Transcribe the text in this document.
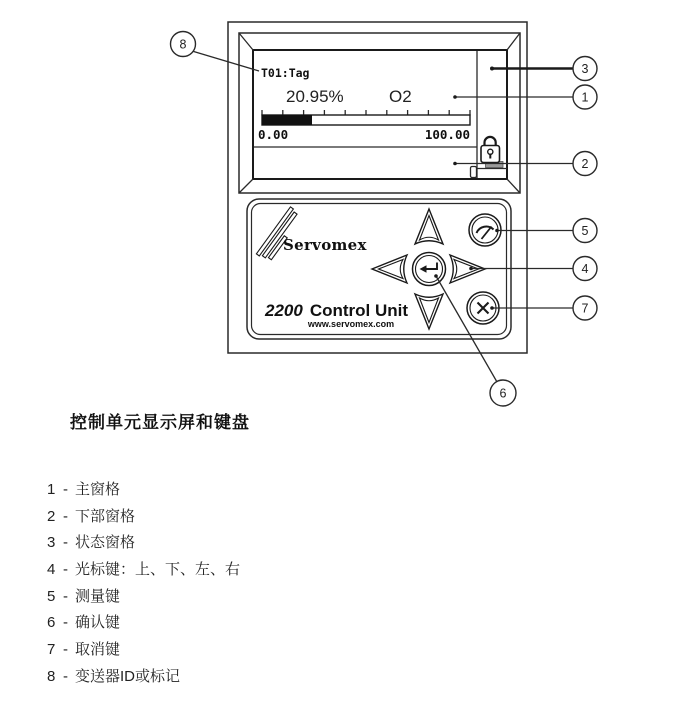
T01:Tag
20.95%	O2
0.00	100.00
Servomex
2200 Control Unit
www.servomex.com
8
3
1
2
5
4
7
6
控制单元显示屏和键盘
1 - 主窗格
2 - 下部窗格
3 - 状态窗格
4 - 光标键：上、下、左、右
5 - 测量键
6 - 确认键
7 - 取消键
8 - 变送器ID或标记
